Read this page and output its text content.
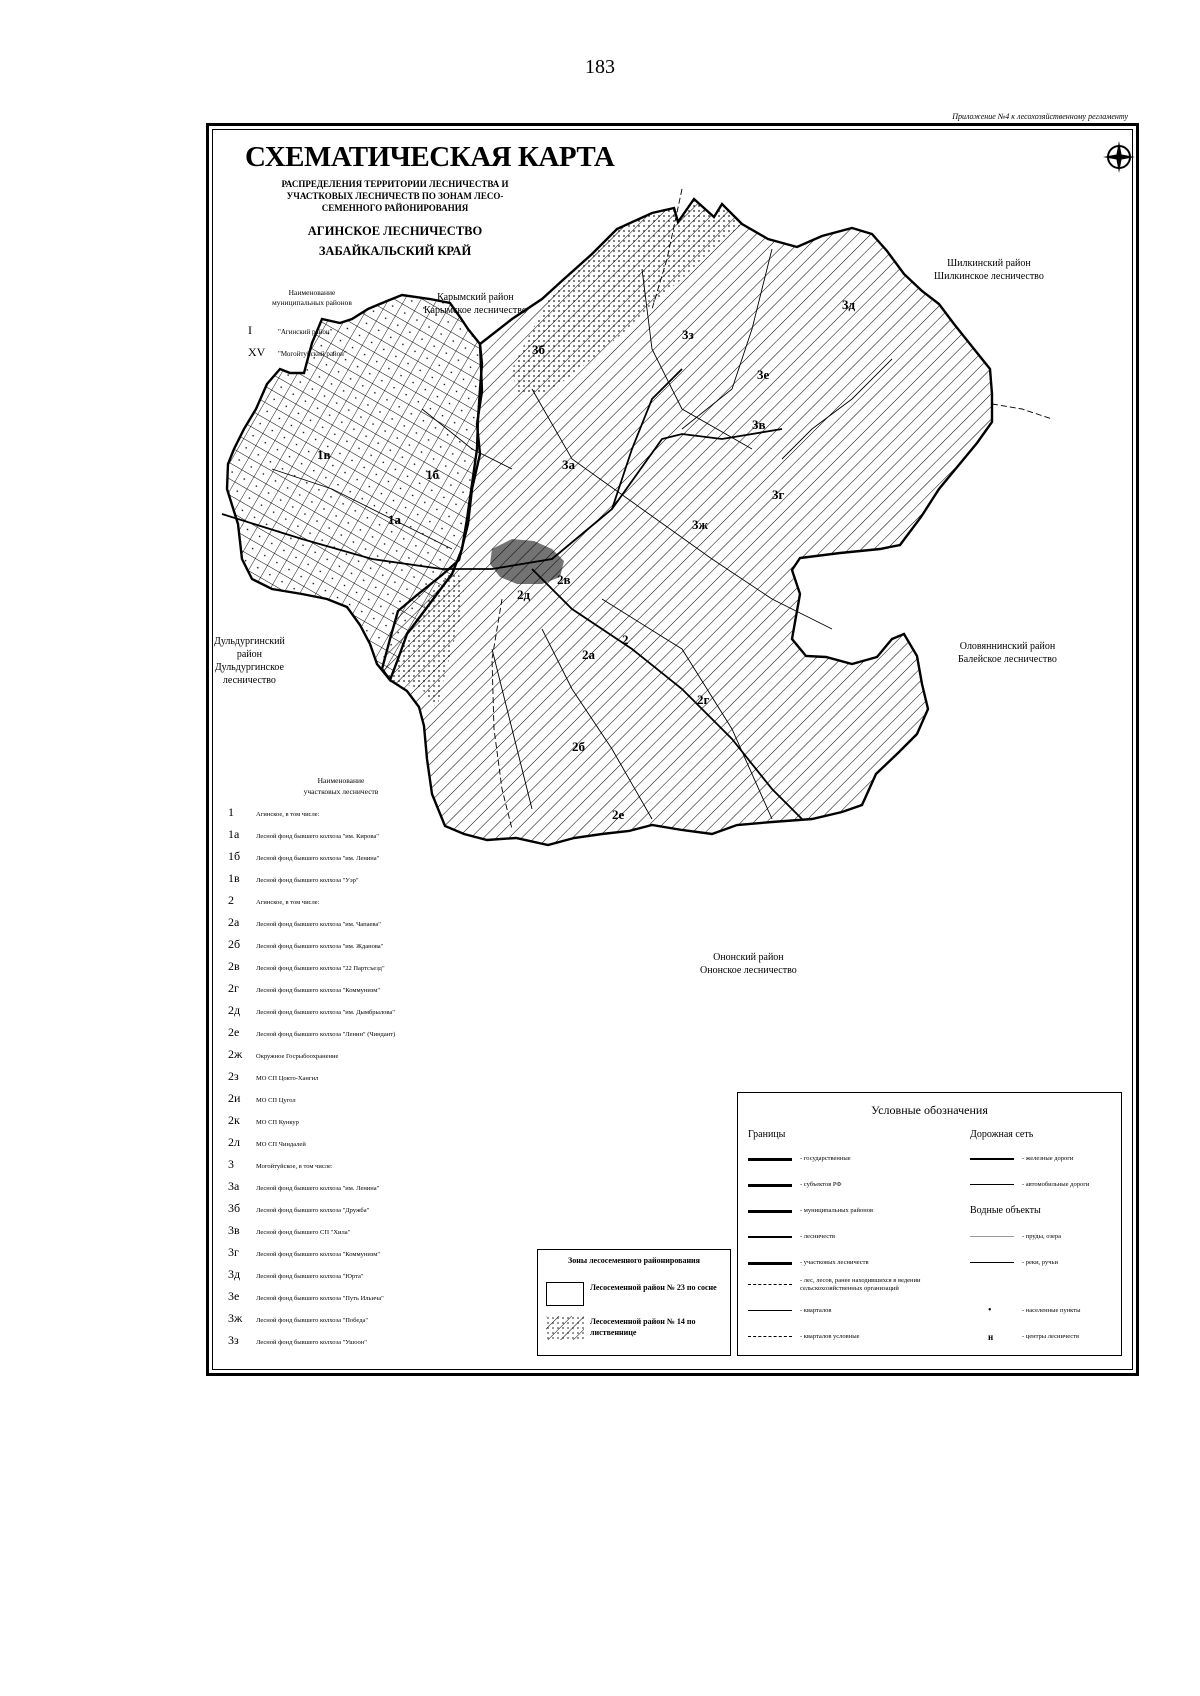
183
Приложение №4 к лесохозяйственному регламенту
1а
1б
1в
2а
2б
2в
2г
2д
2е
3а
3б
3в
3г
3д
3е
3ж
3з
2
СХЕМАТИЧЕСКАЯ КАРТА
РАСПРЕДЕЛЕНИЯ ТЕРРИТОРИИ ЛЕСНИЧЕСТВА И
УЧАСТКОВЫХ ЛЕСНИЧЕСТВ ПО ЗОНАМ ЛЕСО-
СЕМЕННОГО РАЙОНИРОВАНИЯ
АГИНСКОЕ ЛЕСНИЧЕСТВО
ЗАБАЙКАЛЬСКИЙ КРАЙ
Карымский район
Карымское лесничество
Шилкинский район
Шилкинское лесничество
Дульдургинский
район
Дульдургинское
лесничество
Оловяннинский район
Балейское лесничество
Ононский район
Ононское лесничество
Наименование
муниципальных районов
I	"Агинский район"
XV "Могойтуйский район"
Наименование
участковых лесничеств
1	Агинское, в том числе:
1а	Лесной фонд бывшего колхоза "им. Кирова"
1б Лесной фонд бывшего колхоза "им. Ленина"
1в	Лесной фонд бывшего колхоза "Уэр"
2	Агинское, в том числе:
2а	Лесной фонд бывшего колхоза "им. Чапаева"
2б Лесной фонд бывшего колхоза "им. Жданова"
2в	Лесной фонд бывшего колхоза "22 Партсъезд"
2г	Лесной фонд бывшего колхоза "Коммунизм"
2д Лесной фонд бывшего колхоза "им. Дымбрылова"
2е	Лесной фонд бывшего колхоза "Ленин" (Чиндант)
2ж Окружное Госрыбоохранение
2з	МО СП Цокто-Хангил
2и МО СП Цугол
2к МО СП Кункур
2л МО СП Чиндалей
3	Могойтуйское, в том числе:
3а	Лесной фонд бывшего колхоза "им. Ленина"
3б Лесной фонд бывшего колхоза "Дружба"
3в	Лесной фонд бывшего СП "Хила"
3г	Лесной фонд бывшего колхоза "Коммунизм"
3д Лесной фонд бывшего колхоза "Юрта"
3е	Лесной фонд бывшего колхоза "Путь Ильича"
3ж Лесной фонд бывшего колхоза "Победа"
3з	Лесной фонд бывшего колхоза "Ушоон"
Зоны лесосеменного районирования
Лесосеменной район № 23 по сосне
Лесосеменной район № 14 по лиственнице
Условные обозначения
Границы	Дорожная сеть
- государственные
- субъектов РФ
- муниципальных районов
- лесничеств
- участковых лесничеств
- лес, лесов, ранее находившихся в ведении сельскохозяйственных организаций
- кварталов
- кварталов условные
- железные дороги
- автомобильные дороги
Водные объекты
- пруды, озера
- реки, ручьи
•	- населенные пункты
н	- центры лесничеств
